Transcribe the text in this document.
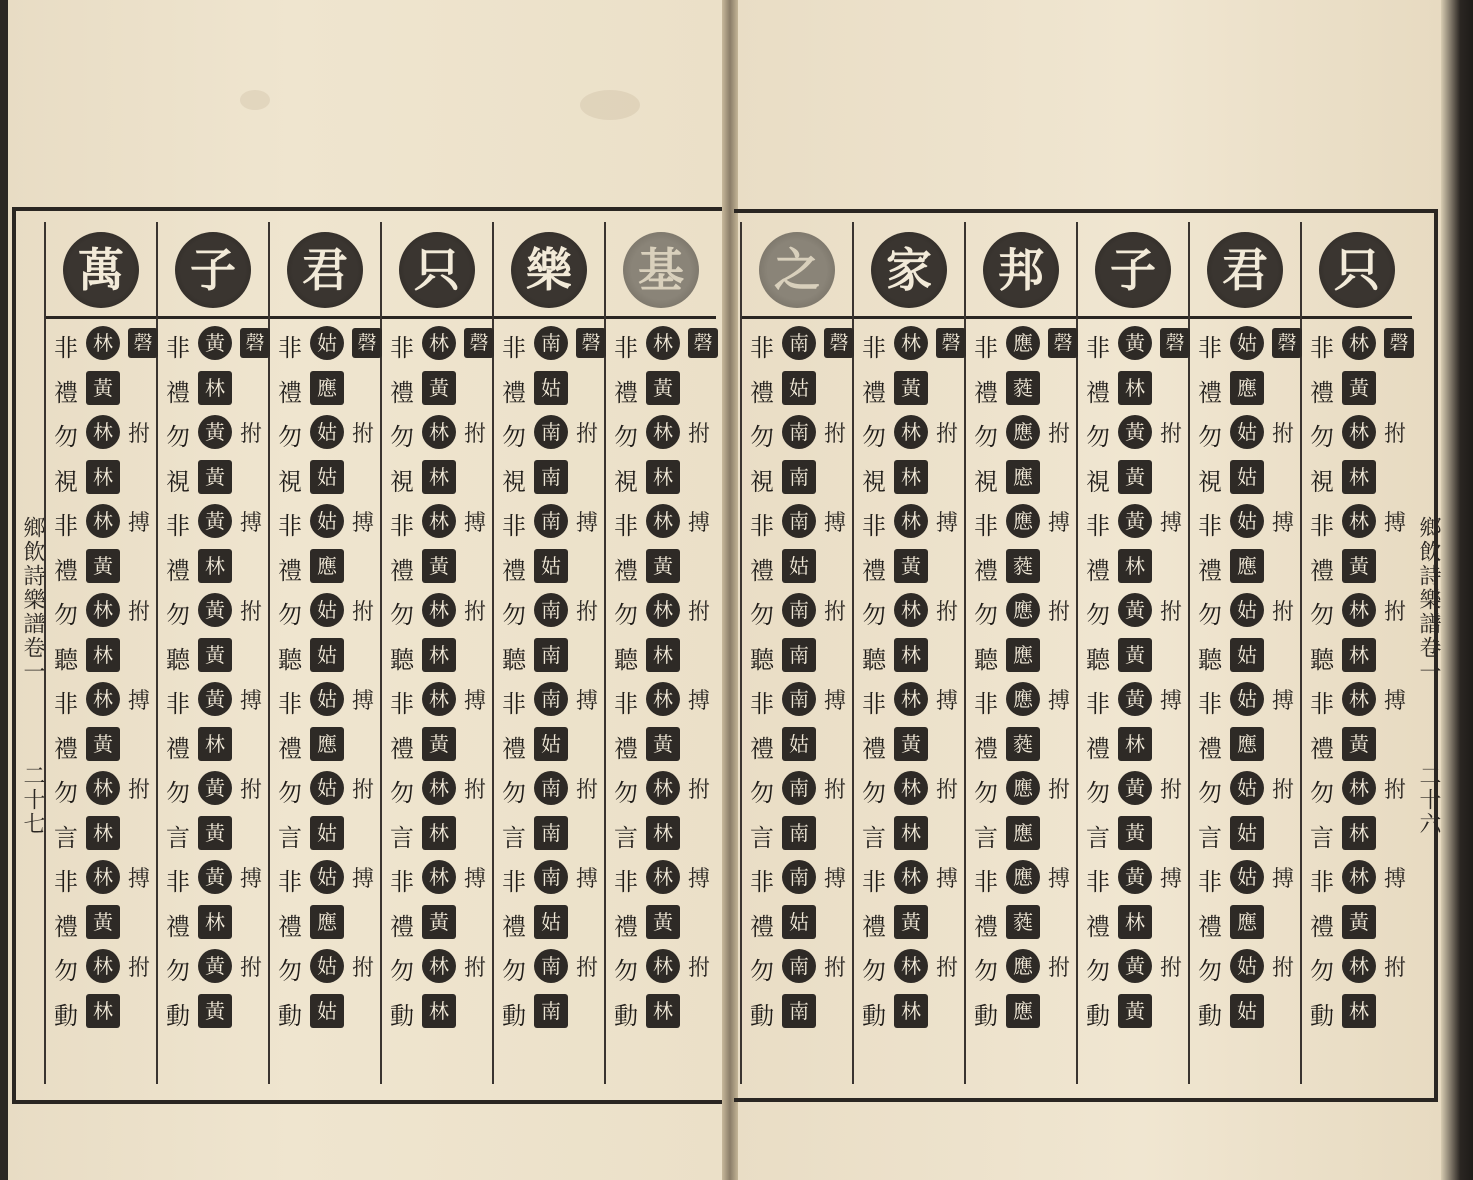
鄉飲詩樂譜卷一
二十七
鄉飲詩樂譜卷一
二十六
只
非 林	磬
禮 黃
勿 林 拊
視 林
非 林 搏
禮 黃
勿 林 拊
聽 林
非 林 搏
禮 黃
勿 林 拊
言 林
非 林 搏
禮 黃
勿 林 拊
動 林
君
非 姑	磬
禮 應
勿 姑 拊
視 姑
非 姑 搏
禮 應
勿 姑 拊
聽 姑
非 姑 搏
禮 應
勿 姑 拊
言 姑
非 姑 搏
禮 應
勿 姑 拊
動 姑
子
非 黃	磬
禮 林
勿 黃 拊
視 黃
非 黃 搏
禮 林
勿 黃 拊
聽 黃
非 黃 搏
禮 林
勿 黃 拊
言 黃
非 黃 搏
禮 林
勿 黃 拊
動 黃
邦
非 應	磬
禮 蕤
勿 應 拊
視 應
非 應 搏
禮 蕤
勿 應 拊
聽 應
非 應 搏
禮 蕤
勿 應 拊
言 應
非 應 搏
禮 蕤
勿 應 拊
動 應
家
非 林	磬
禮 黃
勿 林 拊
視 林
非 林 搏
禮 黃
勿 林 拊
聽 林
非 林 搏
禮 黃
勿 林 拊
言 林
非 林 搏
禮 黃
勿 林 拊
動 林
之
非 南	磬
禮 姑
勿 南 拊
視 南
非 南 搏
禮 姑
勿 南 拊
聽 南
非 南 搏
禮 姑
勿 南 拊
言 南
非 南 搏
禮 姑
勿 南 拊
動 南
基
非 林	磬
禮 黃
勿 林 拊
視 林
非 林 搏
禮 黃
勿 林 拊
聽 林
非 林 搏
禮 黃
勿 林 拊
言 林
非 林 搏
禮 黃
勿 林 拊
動 林
樂
非 南	磬
禮 姑
勿 南 拊
視 南
非 南 搏
禮 姑
勿 南 拊
聽 南
非 南 搏
禮 姑
勿 南 拊
言 南
非 南 搏
禮 姑
勿 南 拊
動 南
只
非 林	磬
禮 黃
勿 林 拊
視 林
非 林 搏
禮 黃
勿 林 拊
聽 林
非 林 搏
禮 黃
勿 林 拊
言 林
非 林 搏
禮 黃
勿 林 拊
動 林
君
非 姑	磬
禮 應
勿 姑 拊
視 姑
非 姑 搏
禮 應
勿 姑 拊
聽 姑
非 姑 搏
禮 應
勿 姑 拊
言 姑
非 姑 搏
禮 應
勿 姑 拊
動 姑
子
非 黃	磬
禮 林
勿 黃 拊
視 黃
非 黃 搏
禮 林
勿 黃 拊
聽 黃
非 黃 搏
禮 林
勿 黃 拊
言 黃
非 黃 搏
禮 林
勿 黃 拊
動 黃
萬
非 林	磬
禮 黃
勿 林 拊
視 林
非 林 搏
禮 黃
勿 林 拊
聽 林
非 林 搏
禮 黃
勿 林 拊
言 林
非 林 搏
禮 黃
勿 林 拊
動 林
